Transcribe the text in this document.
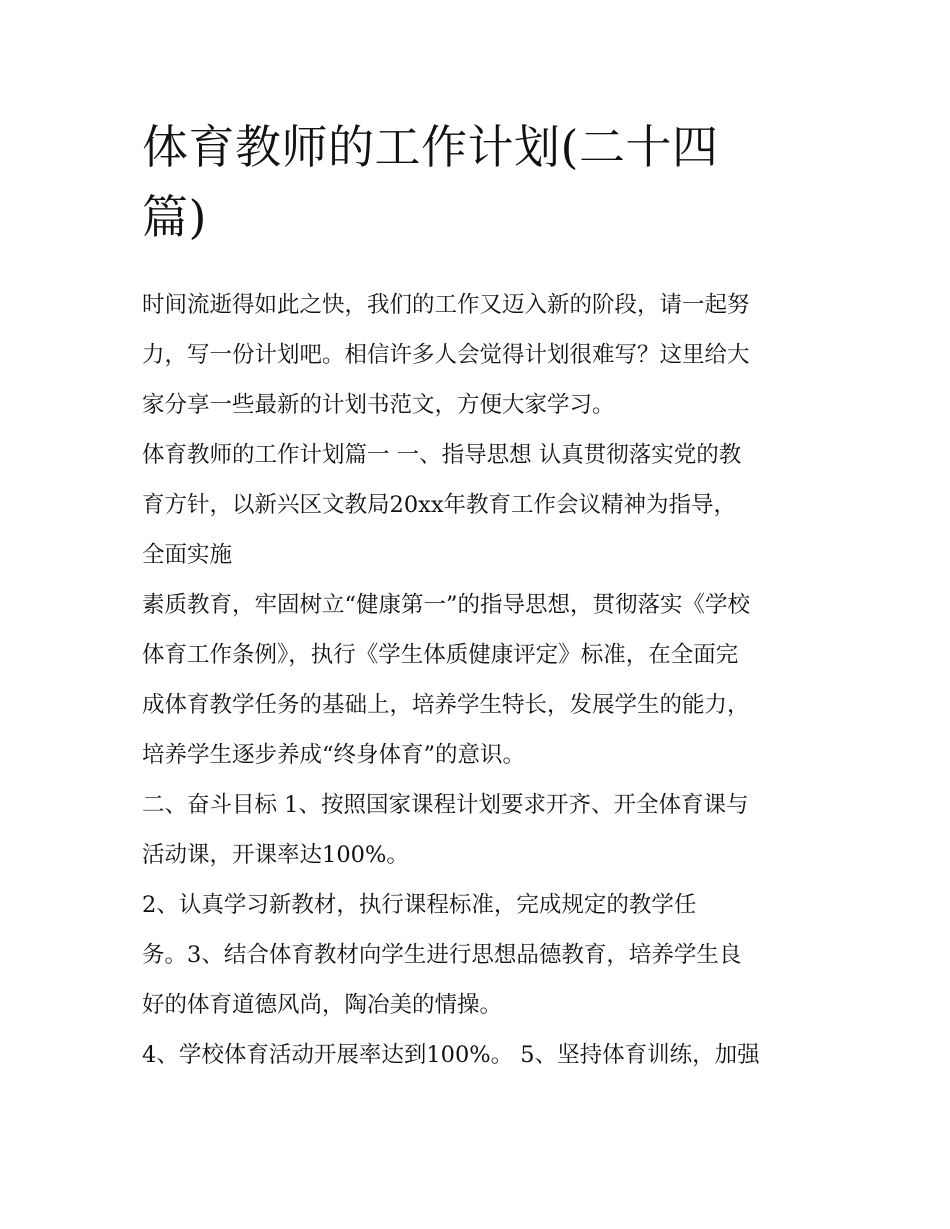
体育教师的工作计划(二十四
篇)
时间流逝得如此之快，我们的工作又迈入新的阶段，请一起努
力，写一份计划吧。相信许多人会觉得计划很难写？这里给大
家分享一些最新的计划书范文，方便大家学习。
体育教师的工作计划篇一 一、指导思想 认真贯彻落实党的教
育方针，以新兴区文教局20xx年教育工作会议精神为指导，
全面实施
素质教育，牢固树立“健康第一”的指导思想，贯彻落实《学校
体育工作条例》，执行《学生体质健康评定》标准，在全面完
成体育教学任务的基础上，培养学生特长，发展学生的能力，
培养学生逐步养成“终身体育”的意识。
二、奋斗目标 1、按照国家课程计划要求开齐、开全体育课与
活动课，开课率达100%。
2、认真学习新教材，执行课程标准，完成规定的教学任
务。3、结合体育教材向学生进行思想品德教育，培养学生良
好的体育道德风尚，陶冶美的情操。
4、学校体育活动开展率达到100%。 5、坚持体育训练，加强
